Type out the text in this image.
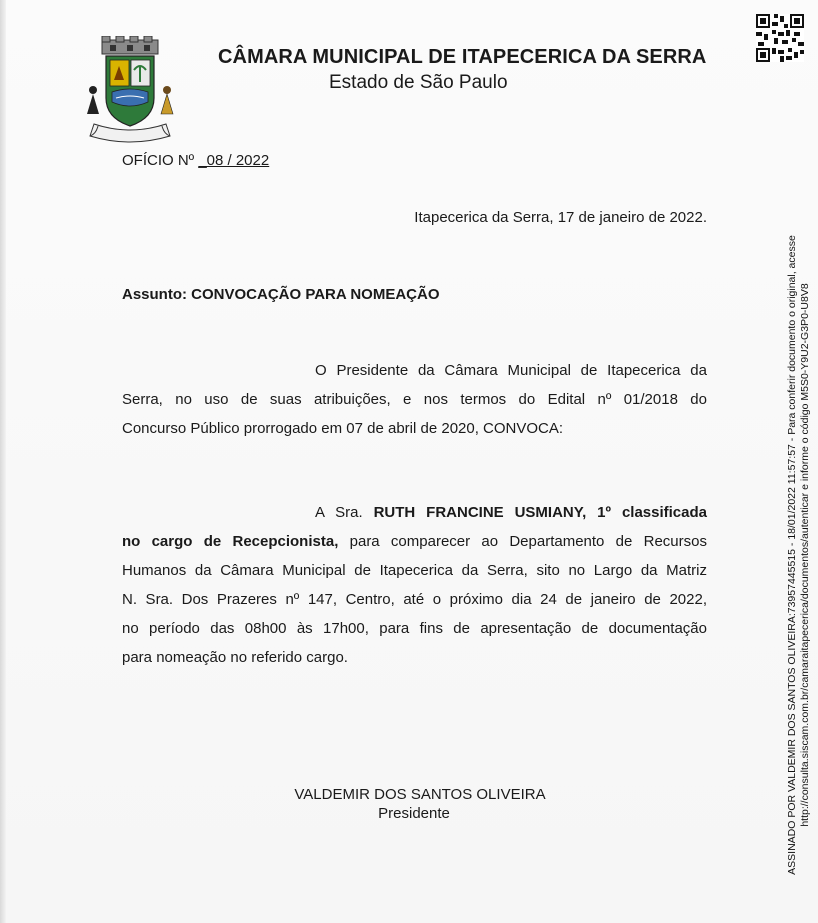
CÂMARA MUNICIPAL DE ITAPECERICA DA SERRA
Estado de São Paulo
OFÍCIO Nº _08 / 2022
Itapecerica da Serra, 17 de janeiro de 2022.
Assunto: CONVOCAÇÃO PARA NOMEAÇÃO
O Presidente da Câmara Municipal de Itapecerica da
Serra, no uso de suas atribuições, e nos termos do Edital nº 01/2018 do
Concurso Público prorrogado em 07 de abril de 2020, CONVOCA:
A Sra. RUTH FRANCINE USMIANY, 1º classificada
no cargo de Recepcionista, para comparecer ao Departamento de Recursos
Humanos da Câmara Municipal de Itapecerica da Serra, sito no Largo da Matriz
N. Sra. Dos Prazeres nº 147, Centro, até o próximo dia 24 de janeiro de 2022,
no período das 08h00 às 17h00, para fins de apresentação de documentação
para nomeação no referido cargo.
VALDEMIR DOS SANTOS OLIVEIRA
Presidente	ASSINADO POR VALDEMIR DOS SANTOS OLIVEIRA:73957445515 - 18/01/2022 11:57:57 - Para conferir documento o original, acesse http://consulta.siscam.com.br/camaraitapecerica/documentos/autenticar e informe o código M5S0-Y9U2-G3P0-U8V8
